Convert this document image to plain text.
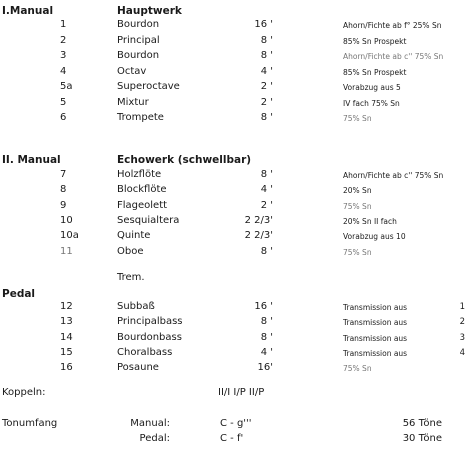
I.Manual	Hauptwerk
1	Bourdon	16 '	Ahorn/Fichte ab f° 25% Sn
2	Principal	8 '	85% Sn Prospekt
3	Bourdon	8 '	Ahorn/Fichte ab c'' 75% Sn
4	Octav	4 '	85% Sn Prospekt
5a	Superoctave	2 '	Vorabzug aus 5
5	Mixtur	2 '	IV fach 75% Sn
6	Trompete	8 '	75% Sn
II. Manual	Echowerk (schwellbar)
7	Holzflöte	8 '	Ahorn/Fichte ab c'' 75% Sn
8	Blockflöte	4 '	20% Sn
9	Flageolett	2 '	75% Sn
10	Sesquialtera	2 2/3'	20% Sn II fach
10a	Quinte	2 2/3'	Vorabzug aus 10
11	Oboe	8 '	75% Sn
Trem.
Pedal
12	Subbaß	16 '	Transmission aus	1
13	Principalbass	8 '	Transmission aus	2
14	Bourdonbass	8 '	Transmission aus	3
15	Choralbass	4 '	Transmission aus	4
16	Posaune	16'	75% Sn
Koppeln:	II/I I/P II/P
Tonumfang	Manual:	C - g'''	56 Töne
Pedal:	C - f'	30 Töne
